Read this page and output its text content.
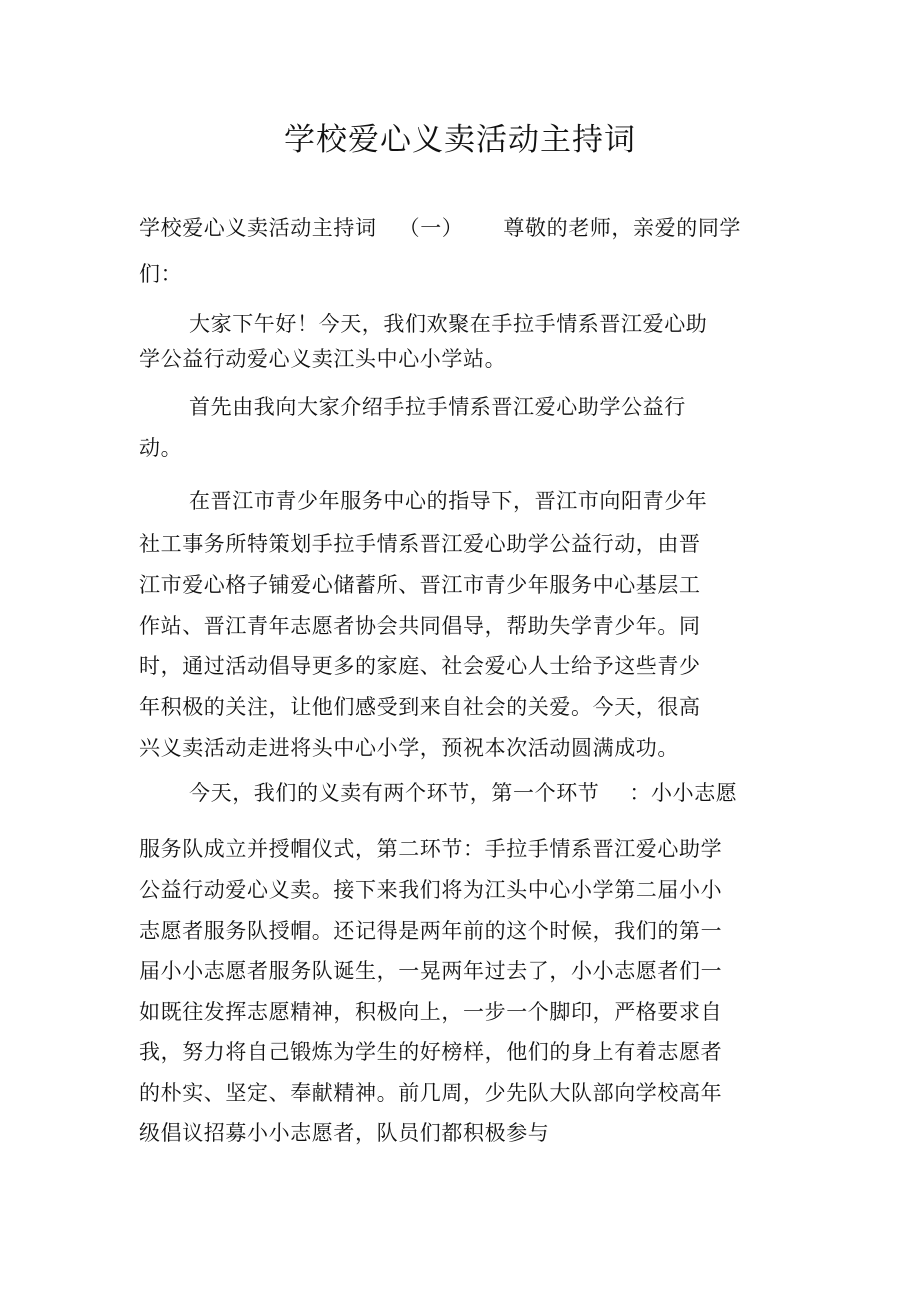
学校爱心义卖活动主持词
学校爱心义卖活动主持词 （一） 尊敬的老师，亲爱的同学
们：
大家下午好！今天，我们欢聚在手拉手情系晋江爱心助
学公益行动爱心义卖江头中心小学站。
首先由我向大家介绍手拉手情系晋江爱心助学公益行
动。
在晋江市青少年服务中心的指导下，晋江市向阳青少年
社工事务所特策划手拉手情系晋江爱心助学公益行动，由晋
江市爱心格子铺爱心储蓄所、晋江市青少年服务中心基层工
作站、晋江青年志愿者协会共同倡导，帮助失学青少年。同
时，通过活动倡导更多的家庭、社会爱心人士给予这些青少
年积极的关注，让他们感受到来自社会的关爱。今天，很高
兴义卖活动走进将头中心小学，预祝本次活动圆满成功。
今天，我们的义卖有两个环节，第一个环节 ：小小志愿
服务队成立并授帽仪式，第二环节：手拉手情系晋江爱心助学
公益行动爱心义卖。接下来我们将为江头中心小学第二届小小
志愿者服务队授帽。还记得是两年前的这个时候，我们的第一
届小小志愿者服务队诞生，一晃两年过去了，小小志愿者们一
如既往发挥志愿精神，积极向上，一步一个脚印，严格要求自
我，努力将自己锻炼为学生的好榜样，他们的身上有着志愿者
的朴实、坚定、奉献精神。前几周，少先队大队部向学校高年
级倡议招募小小志愿者，队员们都积极参与
